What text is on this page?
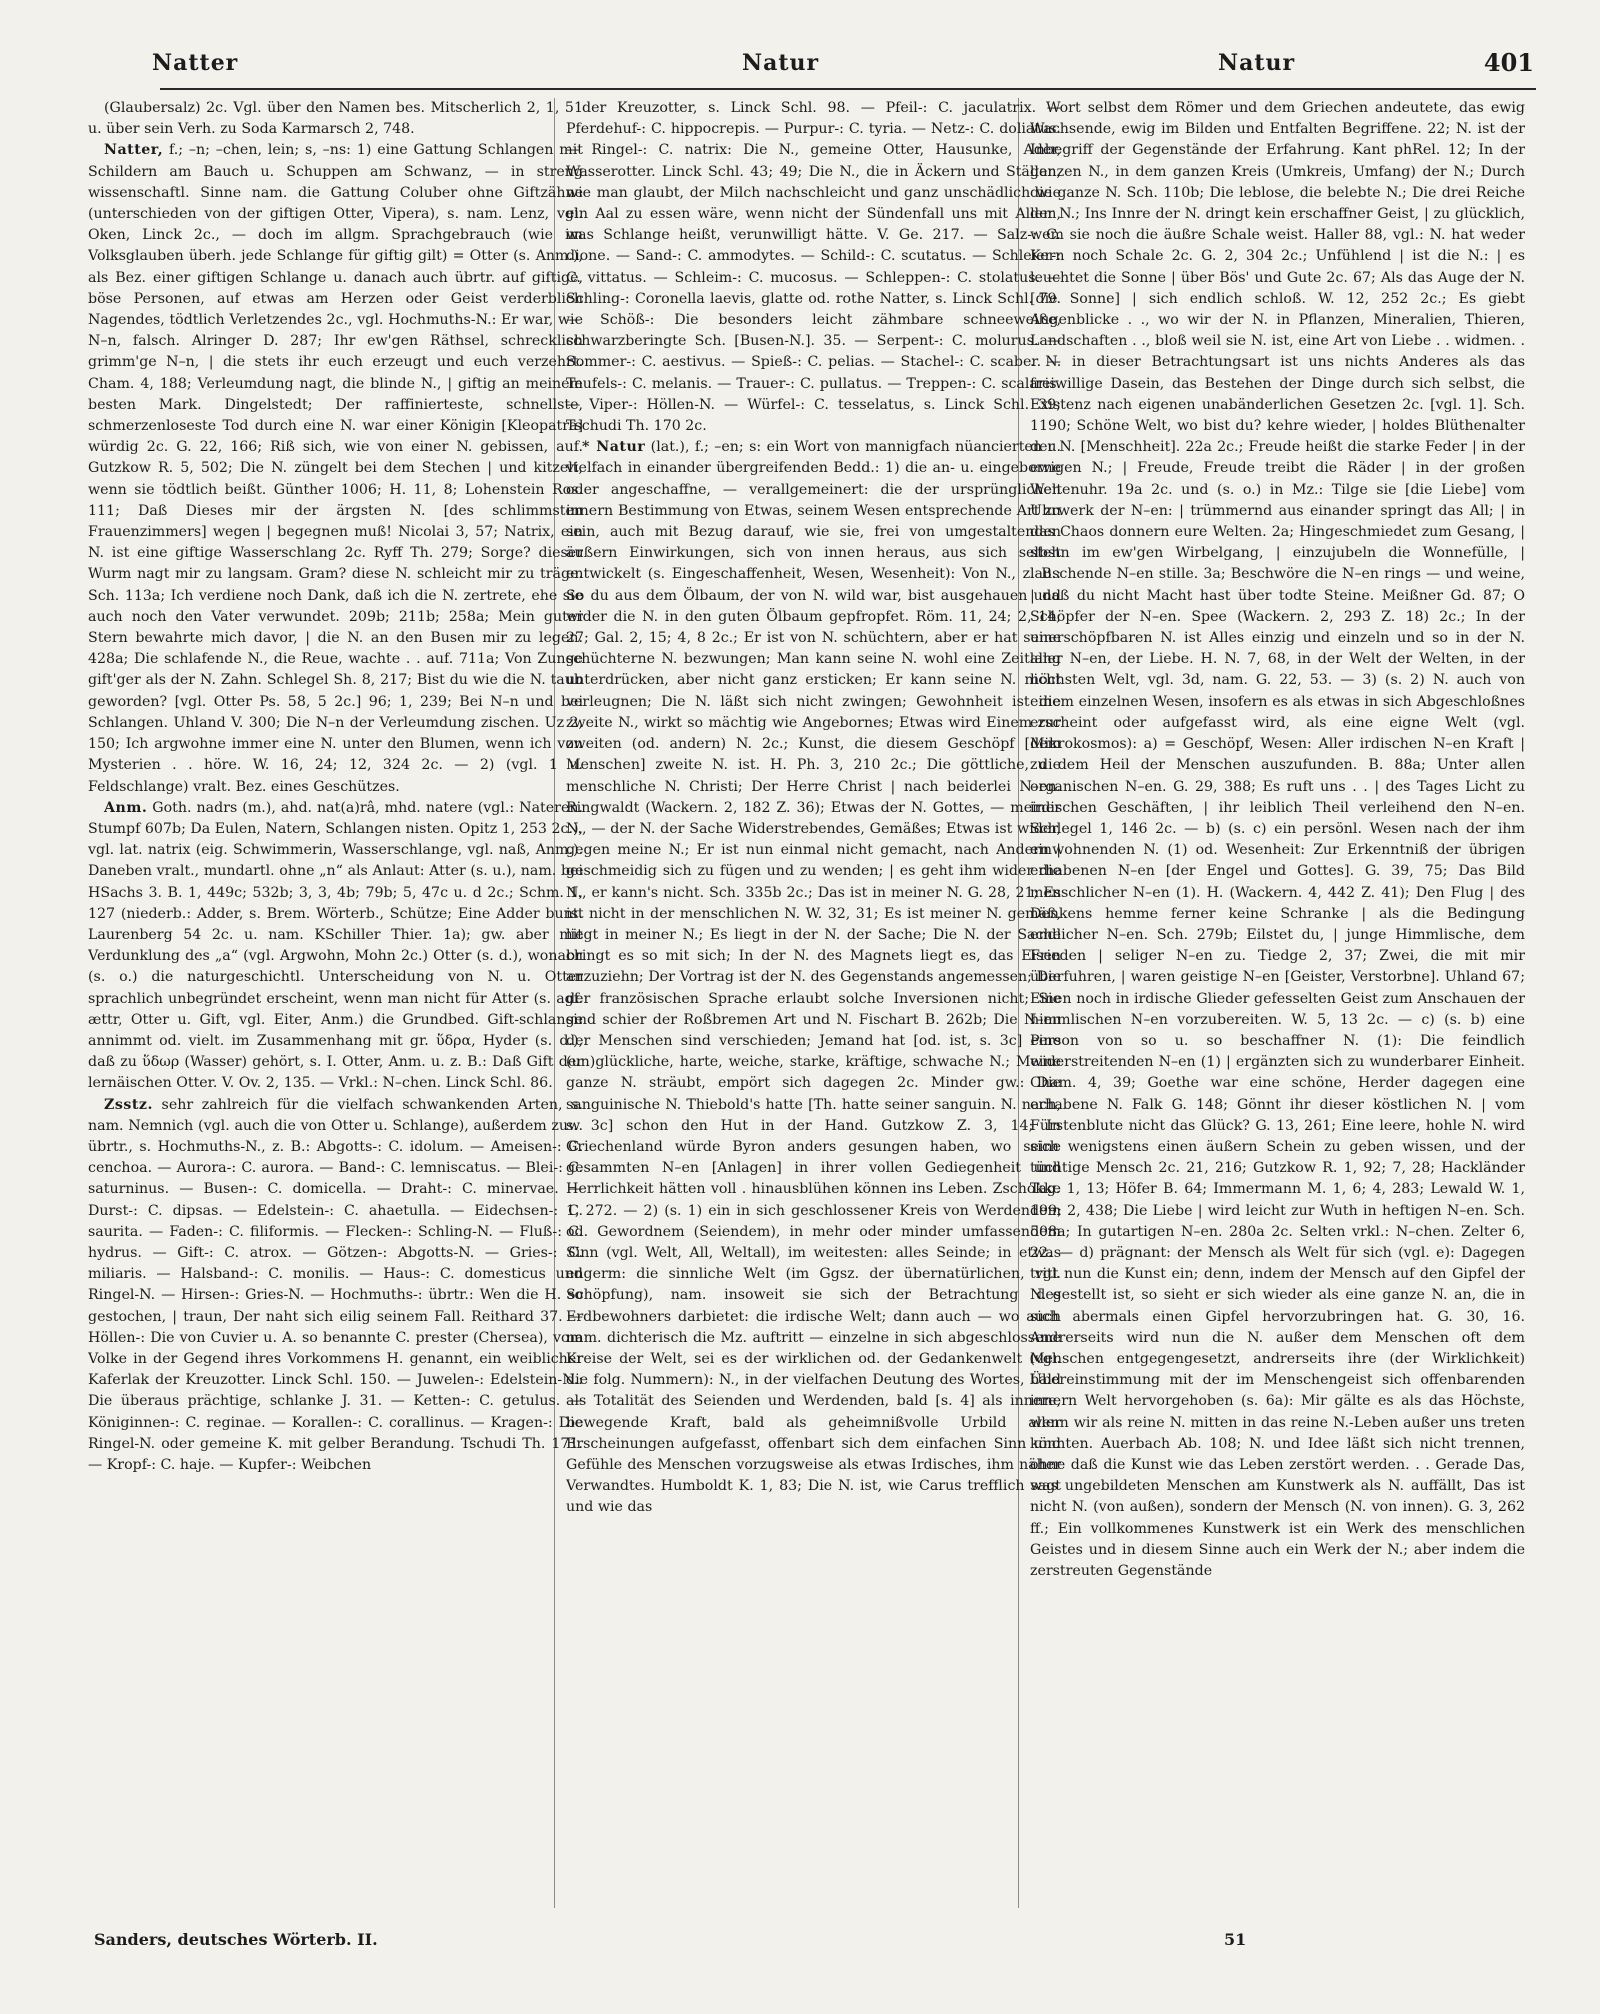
Natter	Natur	Natur	401

(Glaubersalz) 2c. Vgl. über den Namen bes. Mitscherlich 2, 1, 51 u. über sein Verh. zu Soda Karmarsch 2, 748.

Natter, f.; –n; –chen, lein; s, –ns: 1) eine Gattung Schlangen mit Schildern am Bauch u. Schuppen am Schwanz, — in streng wissenschaftl. Sinne nam. die Gattung Coluber ohne Giftzähne (unterschieden von der giftigen Otter, Vipera), s. nam. Lenz, vgl. Oken, Linck 2c., — doch im allgm. Sprachgebrauch (wie im Volksglauben überh. jede Schlange für giftig gilt) = Otter (s. Anm.), als Bez. einer giftigen Schlange u. danach auch übrtr. auf giftige, böse Personen, auf etwas am Herzen oder Geist verderblich Nagendes, tödtlich Verletzendes 2c., vgl. Hochmuths-N.: Er war, wie N–n, falsch. Alringer D. 287; Ihr ew'gen Räthsel, schrecklich grimm'ge N–n, | die stets ihr euch erzeugt und euch verzehrt. Cham. 4, 188; Verleumdung nagt, die blinde N., | giftig an meinem besten Mark. Dingelstedt; Der raffinierteste, schnellste, schmerzenloseste Tod durch eine N. war einer Königin [Kleopatra] würdig 2c. G. 22, 166; Riß sich, wie von einer N. gebissen, auf. Gutzkow R. 5, 502; Die N. züngelt bei dem Stechen | und kitzelt, wenn sie tödtlich beißt. Günther 1006; H. 11, 8; Lohenstein Ros. 111; Daß Dieses mir der ärgsten N. [des schlimmsten Frauenzimmers] wegen | begegnen muß! Nicolai 3, 57; Natrix, ein N. ist eine giftige Wasserschlang 2c. Ryff Th. 279; Sorge? dieser Wurm nagt mir zu langsam. Gram? diese N. schleicht mir zu träge. Sch. 113a; Ich verdiene noch Dank, daß ich die N. zertrete, ehe sie auch noch den Vater verwundet. 209b; 211b; 258a; Mein guter Stern bewahrte mich davor, | die N. an den Busen mir zu legen. 428a; Die schlafende N., die Reue, wachte . . auf. 711a; Von Zunge gift'ger als der N. Zahn. Schlegel Sh. 8, 217; Bist du wie die N. taub geworden? [vgl. Otter Ps. 58, 5 2c.] 96; 1, 239; Bei N–n und bei Schlangen. Uhland V. 300; Die N–n der Verleumdung zischen. Uz 2, 150; Ich argwohne immer eine N. unter den Blumen, wenn ich von Mysterien . . höre. W. 16, 24; 12, 324 2c. — 2) (vgl. 1 u. Feldschlange) vralt. Bez. eines Geschützes.

Anm. Goth. nadrs (m.), ahd. nat(a)râ, mhd. natere (vgl.: Nateren. Stumpf 607b; Da Eulen, Natern, Schlangen nisten. Opitz 1, 253 2c.), vgl. lat. natrix (eig. Schwimmerin, Wasserschlange, vgl. naß, Anm.). Daneben vralt., mundartl. ohne „n“ als Anlaut: Atter (s. u.), nam. bei HSachs 3. B. 1, 449c; 532b; 3, 3, 4b; 79b; 5, 47c u. d 2c.; Schm. 1, 127 (niederb.: Adder, s. Brem. Wörterb., Schütze; Eine Adder bunt. Laurenberg 54 2c. u. nam. KSchiller Thier. 1a); gw. aber mit Verdunklung des „a“ (vgl. Argwohn, Mohn 2c.) Otter (s. d.), wonach (s. o.) die naturgeschichtl. Unterscheidung von N. u. Otter sprachlich unbegründet erscheint, wenn man nicht für Atter (s. agf. ættr, Otter u. Gift, vgl. Eiter, Anm.) die Grundbed. Gift-schlange annimmt od. vielt. im Zusammenhang mit gr. ὕδρα, Hyder (s. d.), daß zu ὕδωρ (Wasser) gehört, s. I. Otter, Anm. u. z. B.: Daß Gift der lernäischen Otter. V. Ov. 2, 135. — Vrkl.: N–chen. Linck Schl. 86.

Zsstz. sehr zahlreich für die vielfach schwankenden Arten, s. nam. Nemnich (vgl. auch die von Otter u. Schlange), außerdem zuw. übrtr., s. Hochmuths-N., z. B.: Abgotts-: C. idolum. — Ameisen-: C. cenchoa. — Aurora-: C. aurora. — Band-: C. lemniscatus. — Blei-: C. saturninus. — Busen-: C. domicella. — Draht-: C. minervae. — Durst-: C. dipsas. — Edelstein-: C. ahaetulla. — Eidechsen-: C. saurita. — Faden-: C. filiformis. — Flecken-: Schling-N. — Fluß-: C. hydrus. — Gift-: C. atrox. — Götzen-: Abgotts-N. — Gries-: C. miliaris. — Halsband-: C. monilis. — Haus-: C. domesticus und Ringel-N. — Hirsen-: Gries-N. — Hochmuths-: übrtr.: Wen die H. so gestochen, | traun, Der naht sich eilig seinem Fall. Reithard 37. — Höllen-: Die von Cuvier u. A. so benannte C. prester (Chersea), vom Volke in der Gegend ihres Vorkommens H. genannt, ein weiblicher Kaferlak der Kreuzotter. Linck Schl. 150. — Juwelen-: Edelstein-N.: Die überaus prächtige, schlanke J. 31. — Ketten-: C. getulus. — Königinnen-: C. reginae. — Korallen-: C. corallinus. — Kragen-: Die Ringel-N. oder gemeine K. mit gelber Berandung. Tschudi Th. 171. — Kropf-: C. haje. — Kupfer-: Weibchen

der Kreuzotter, s. Linck Schl. 98. — Pfeil-: C. jaculatrix. — Pferdehuf-: C. hippocrepis. — Purpur-: C. tyria. — Netz-: C. doliatus. — Ringel-: C. natrix: Die N., gemeine Otter, Hausunke, Ader, Wasserotter. Linck Schl. 43; 49; Die N., die in Äckern und Ställen, wie man glaubt, der Milch nachschleicht und ganz unschädlich wie ein Aal zu essen wäre, wenn nicht der Sündenfall uns mit Allem, was Schlange heißt, verunwilligt hätte. V. Ge. 217. — Salz-: C. dione. — Sand-: C. ammodytes. — Schild-: C. scutatus. — Schleier-: C. vittatus. — Schleim-: C. mucosus. — Schleppen-: C. stolatus. — Schling-: Coronella laevis, glatte od. rothe Natter, s. Linck Schl. 79. — Schöß-: Die besonders leicht zähmbare schneeweiße, schwarzberingte Sch. [Busen-N.]. 35. — Serpent-: C. molurus. — Sommer-: C. aestivus. — Spieß-: C. pelias. — Stachel-: C. scaber. — Teufels-: C. melanis. — Trauer-: C. pullatus. — Treppen-: C. scalaris. — Viper-: Höllen-N. — Würfel-: C. tesselatus, s. Linck Schl. 39; Tschudi Th. 170 2c.

* Natur (lat.), f.; –en; s: ein Wort von mannigfach nüancierten u. vielfach in einander übergreifenden Bedd.: 1) die an- u. eingeborne oder angeschaffne, — verallgemeinert: die der ursprünglichen innern Bestimmung von Etwas, seinem Wesen entsprechende Art zu sein, auch mit Bezug darauf, wie sie, frei von umgestaltenden äußern Einwirkungen, sich von innen heraus, aus sich selbst entwickelt (s. Eingeschaffenheit, Wesen, Wesenheit): Von N., z. B.: So du aus dem Ölbaum, der von N. wild war, bist ausgehauen und wider die N. in den guten Ölbaum gepfropfet. Röm. 11, 24; 2, 14; 27; Gal. 2, 15; 4, 8 2c.; Er ist von N. schüchtern, aber er hat seine schüchterne N. bezwungen; Man kann seine N. wohl eine Zeitlang unterdrücken, aber nicht ganz ersticken; Er kann seine N. nicht verleugnen; Die N. läßt sich nicht zwingen; Gewohnheit ist die zweite N., wirkt so mächtig wie Angebornes; Etwas wird Einem zur zweiten (od. andern) N. 2c.; Kunst, die diesem Geschöpf [dem Menschen] zweite N. ist. H. Ph. 3, 210 2c.; Die göttliche, die menschliche N. Christi; Der Herre Christ | nach beiderlei N–en. Ringwaldt (Wackern. 2, 182 Z. 36); Etwas der N. Gottes, — meiner N., — der N. der Sache Widerstrebendes, Gemäßes; Etwas ist wider, gegen meine N.; Er ist nun einmal nicht gemacht, nach Andern | geschmeidig sich zu fügen und zu wenden; | es geht ihm wider die N., er kann's nicht. Sch. 335b 2c.; Das ist in meiner N. G. 28, 21; Es ist nicht in der menschlichen N. W. 32, 31; Es ist meiner N. gemäß, liegt in meiner N.; Es liegt in der N. der Sache; Die N. der Sache bringt es so mit sich; In der N. des Magnets liegt es, das Eisen anzuziehn; Der Vortrag ist der N. des Gegenstands angemessen; Die der französischen Sprache erlaubt solche Inversionen nicht; Sie sind schier der Roßbremen Art und N. Fischart B. 262b; Die N–en der Menschen sind verschieden; Jemand hat [od. ist, s. 3c] eine (un)glückliche, harte, weiche, starke, kräftige, schwache N.; Meine ganze N. sträubt, empört sich dagegen 2c. Minder gw.: Die sanguinische N. Thiebold's hatte [Th. hatte seiner sanguin. N. nach, s. 3c] schon den Hut in der Hand. Gutzkow Z. 3, 14; In Griechenland würde Byron anders gesungen haben, wo seine gesammten N–en [Anlagen] in ihrer vollen Gediegenheit und Herrlichkeit hätten voll . hinausblühen können ins Leben. Zschokke 1, 272. — 2) (s. 1) ein in sich geschlossener Kreis von Werdendem od. Gewordnem (Seiendem), in mehr oder minder umfassendem Sinn (vgl. Welt, All, Weltall), im weitesten: alles Seinde; in etwas engerm: die sinnliche Welt (im Ggsz. der übernatürlichen, vgl. Schöpfung), nam. insoweit sie sich der Betrachtung des Erdbewohners darbietet: die irdische Welt; dann auch — wo auch nam. dichterisch die Mz. auftritt — einzelne in sich abgeschlossene Kreise der Welt, sei es der wirklichen od. der Gedankenwelt (vgl. die folg. Nummern): N., in der vielfachen Deutung des Wortes, bald als Totalität des Seienden und Werdenden, bald [s. 4] als innere, bewegende Kraft, bald als geheimnißvolle Urbild aller Erscheinungen aufgefasst, offenbart sich dem einfachen Sinn und Gefühle des Menschen vorzugsweise als etwas Irdisches, ihm näher Verwandtes. Humboldt K. 1, 83; Die N. ist, wie Carus trefflich sagt und wie das

Wort selbst dem Römer und dem Griechen andeutete, das ewig Wachsende, ewig im Bilden und Entfalten Begriffene. 22; N. ist der Inbegriff der Gegenstände der Erfahrung. Kant phRel. 12; In der ganzen N., in dem ganzen Kreis (Umkreis, Umfang) der N.; Durch die ganze N. Sch. 110b; Die leblose, die belebte N.; Die drei Reiche der N.; Ins Innre der N. dringt kein erschaffner Geist, | zu glücklich, wem sie noch die äußre Schale weist. Haller 88, vgl.: N. hat weder Kern noch Schale 2c. G. 2, 304 2c.; Unfühlend | ist die N.: | es leuchtet die Sonne | über Bös' und Gute 2c. 67; Als das Auge der N. [die Sonne] | sich endlich schloß. W. 12, 252 2c.; Es giebt Augenblicke . ., wo wir der N. in Pflanzen, Mineralien, Thieren, Landschaften . ., bloß weil sie N. ist, eine Art von Liebe . . widmen. . . N. in dieser Betrachtungsart ist uns nichts Anderes als das freiwillige Dasein, das Bestehen der Dinge durch sich selbst, die Existenz nach eigenen unabänderlichen Gesetzen 2c. [vgl. 1]. Sch. 1190; Schöne Welt, wo bist du? kehre wieder, | holdes Blüthenalter der N. [Menschheit]. 22a 2c.; Freude heißt die starke Feder | in der ewigen N.; | Freude, Freude treibt die Räder | in der großen Weltenuhr. 19a 2c. und (s. o.) in Mz.: Tilge sie [die Liebe] vom Uhrwerk der N–en: | trümmernd aus einander springt das All; | in das Chaos donnern eure Welten. 2a; Hingeschmiedet zum Gesang, | stehn im ew'gen Wirbelgang, | einzujubeln die Wonnefülle, | lauschende N–en stille. 3a; Beschwöre die N–en rings — und weine, | daß du nicht Macht hast über todte Steine. Meißner Gd. 87; O Schöpfer der N–en. Spee (Wackern. 2, 293 Z. 18) 2c.; In der unerschöpfbaren N. ist Alles einzig und einzeln und so in der N. aller N–en, der Liebe. H. N. 7, 68, in der Welt der Welten, in der höchsten Welt, vgl. 3d, nam. G. 22, 53. — 3) (s. 2) N. auch von einem einzelnen Wesen, insofern es als etwas in sich Abgeschloßnes erscheint oder aufgefasst wird, als eine eigne Welt (vgl. Mikrokosmos): a) = Geschöpf, Wesen: Aller irdischen N–en Kraft | zu dem Heil der Menschen auszufunden. B. 88a; Unter allen organischen N–en. G. 29, 388; Es ruft uns . . | des Tages Licht zu irdischen Geschäften, | ihr leiblich Theil verleihend den N–en. Schlegel 1, 146 2c. — b) (s. c) ein persönl. Wesen nach der ihm einwohnenden N. (1) od. Wesenheit: Zur Erkenntniß der übrigen erhabenen N–en [der Engel und Gottes]. G. 39, 75; Das Bild menschlicher N–en (1). H. (Wackern. 4, 442 Z. 41); Den Flug | des Denkens hemme ferner keine Schranke | als die Bedingung endlicher N–en. Sch. 279b; Eilstet du, | junge Himmlische, dem Frieden | seliger N–en zu. Tiedge 2, 37; Zwei, die mit mir überfuhren, | waren geistige N–en [Geister, Verstorbne]. Uhland 67; Einen noch in irdische Glieder gefesselten Geist zum Anschauen der himmlischen N–en vorzubereiten. W. 5, 13 2c. — c) (s. b) eine Person von so u. so beschaffner N. (1): Die feindlich widerstreitenden N–en (1) | ergänzten sich zu wunderbarer Einheit. Cham. 4, 39; Goethe war eine schöne, Herder dagegen eine erhabene N. Falk G. 148; Gönnt ihr dieser köstlichen N. | vom Fürstenblute nicht das Glück? G. 13, 261; Eine leere, hohle N. wird sich wenigstens einen äußern Schein zu geben wissen, und der tüchtige Mensch 2c. 21, 216; Gutzkow R. 1, 92; 7, 28; Hackländer Tag. 1, 13; Höfer B. 64; Immermann M. 1, 6; 4, 283; Lewald W. 1, 199; 2, 438; Die Liebe | wird leicht zur Wuth in heftigen N–en. Sch. 508a; In gutartigen N–en. 280a 2c. Selten vrkl.: N–chen. Zelter 6, 22. — d) prägnant: der Mensch als Welt für sich (vgl. e): Dagegen tritt nun die Kunst ein; denn, indem der Mensch auf den Gipfel der N. gestellt ist, so sieht er sich wieder als eine ganze N. an, die in sich abermals einen Gipfel hervorzubringen hat. G. 30, 16. Andrerseits wird nun die N. außer dem Menschen oft dem Menschen entgegengesetzt, andrerseits ihre (der Wirklichkeit) Übereinstimmung mit der im Menschengeist sich offenbarenden innern Welt hervorgehoben (s. 6a): Mir gälte es als das Höchste, wenn wir als reine N. mitten in das reine N.-Leben außer uns treten könnten. Auerbach Ab. 108; N. und Idee läßt sich nicht trennen, ohne daß die Kunst wie das Leben zerstört werden. . . Gerade Das, was ungebildeten Menschen am Kunstwerk als N. auffällt, Das ist nicht N. (von außen), sondern der Mensch (N. von innen). G. 3, 262 ff.; Ein vollkommenes Kunstwerk ist ein Werk des menschlichen Geistes und in diesem Sinne auch ein Werk der N.; aber indem die zerstreuten Gegenstände

Sanders, deutsches Wörterb. II.	51
